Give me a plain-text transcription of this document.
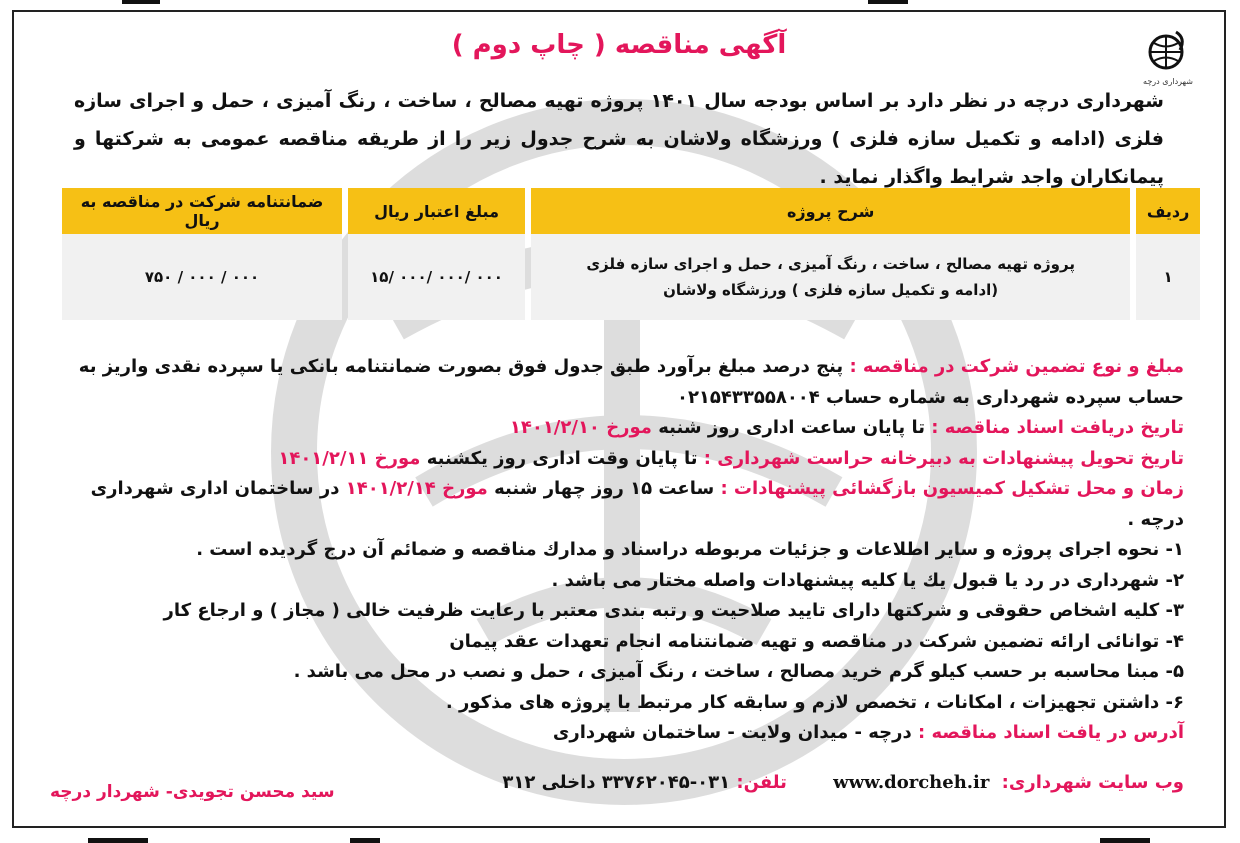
شهرداری درچه
آگهی مناقصه ( چاپ دوم )
شهرداری درچه در نظر دارد بر اساس بودجه سال ۱۴۰۱ پروژه تهیه مصالح ، ساخت ، رنگ آمیزی ، حمل و اجرای سازه فلزی (ادامه و تکمیل سازه فلزی ) ورزشگاه ولاشان به شرح جدول زیر را از طریقه مناقصه عمومی به شرکتها و پیمانکاران واجد شرایط واگذار نماید .
ردیف	شرح پروژه	مبلغ اعتبار ریال	ضمانتنامه شرکت در مناقصه به ریال
۱	پروژه تهیه مصالح ، ساخت ، رنگ آمیزی ، حمل و اجرای سازه فلزی
(ادامه و تکمیل سازه فلزی ) ورزشگاه ولاشان	۰۰۰ /۰۰۰ /۰۰۰ /۱۵	۰۰۰ / ۰۰۰ / ۷۵۰

مبلغ و نوع تضمین شرکت در مناقصه : پنج درصد مبلغ برآورد طبق جدول فوق بصورت ضمانتنامه بانکی یا سپرده نقدی واریز به حساب سپرده شهرداری به شماره حساب ۰۲۱۵۴۳۳۵۵۸۰۰۴

تاریخ دریافت اسناد مناقصه : تا پایان ساعت اداری روز شنبه مورخ ۱۴۰۱/۲/۱۰

تاریخ تحویل پیشنهادات به دبیرخانه حراست شهرداری : تا پایان وقت اداری روز یکشنبه مورخ ۱۴۰۱/۲/۱۱

زمان و محل تشکیل کمیسیون بازگشائی پیشنهادات : ساعت ۱۵ روز چهار شنبه مورخ ۱۴۰۱/۲/۱۴ در ساختمان اداری شهرداری درچه .

۱- نحوه اجرای پروژه و سایر اطلاعات و جزئیات مربوطه دراسناد و مدارك مناقصه و ضمائم آن درج گردیده است .

۲- شهرداری در رد یا قبول یك یا كلیه پیشنهادات واصله مختار می باشد .

۳- كلیه اشخاص حقوقی و شركتها دارای تایید صلاحیت و رتبه بندی معتبر با رعایت ظرفیت خالی ( مجاز ) و ارجاع كار

۴- توانائی ارائه تضمین شركت در مناقصه و تهیه ضمانتنامه انجام تعهدات عقد پیمان

۵- مبنا محاسبه بر حسب كیلو گرم خرید مصالح ، ساخت ، رنگ آمیزی ، حمل و نصب در محل می باشد .

۶- داشتن تجهیزات ، امكانات ، تخصص لازم و سابقه كار مرتبط با پروژه های مذكور .

آدرس در یافت اسناد مناقصه : درچه - میدان ولایت - ساختمان شهرداری

وب سایت شهرداری: www.dorcheh.ir تلفن: ۰۳۱-۳۳۷۶۲۰۴۵ داخلی ۳۱۲
سید محسن تجویدی- شهردار درچه
